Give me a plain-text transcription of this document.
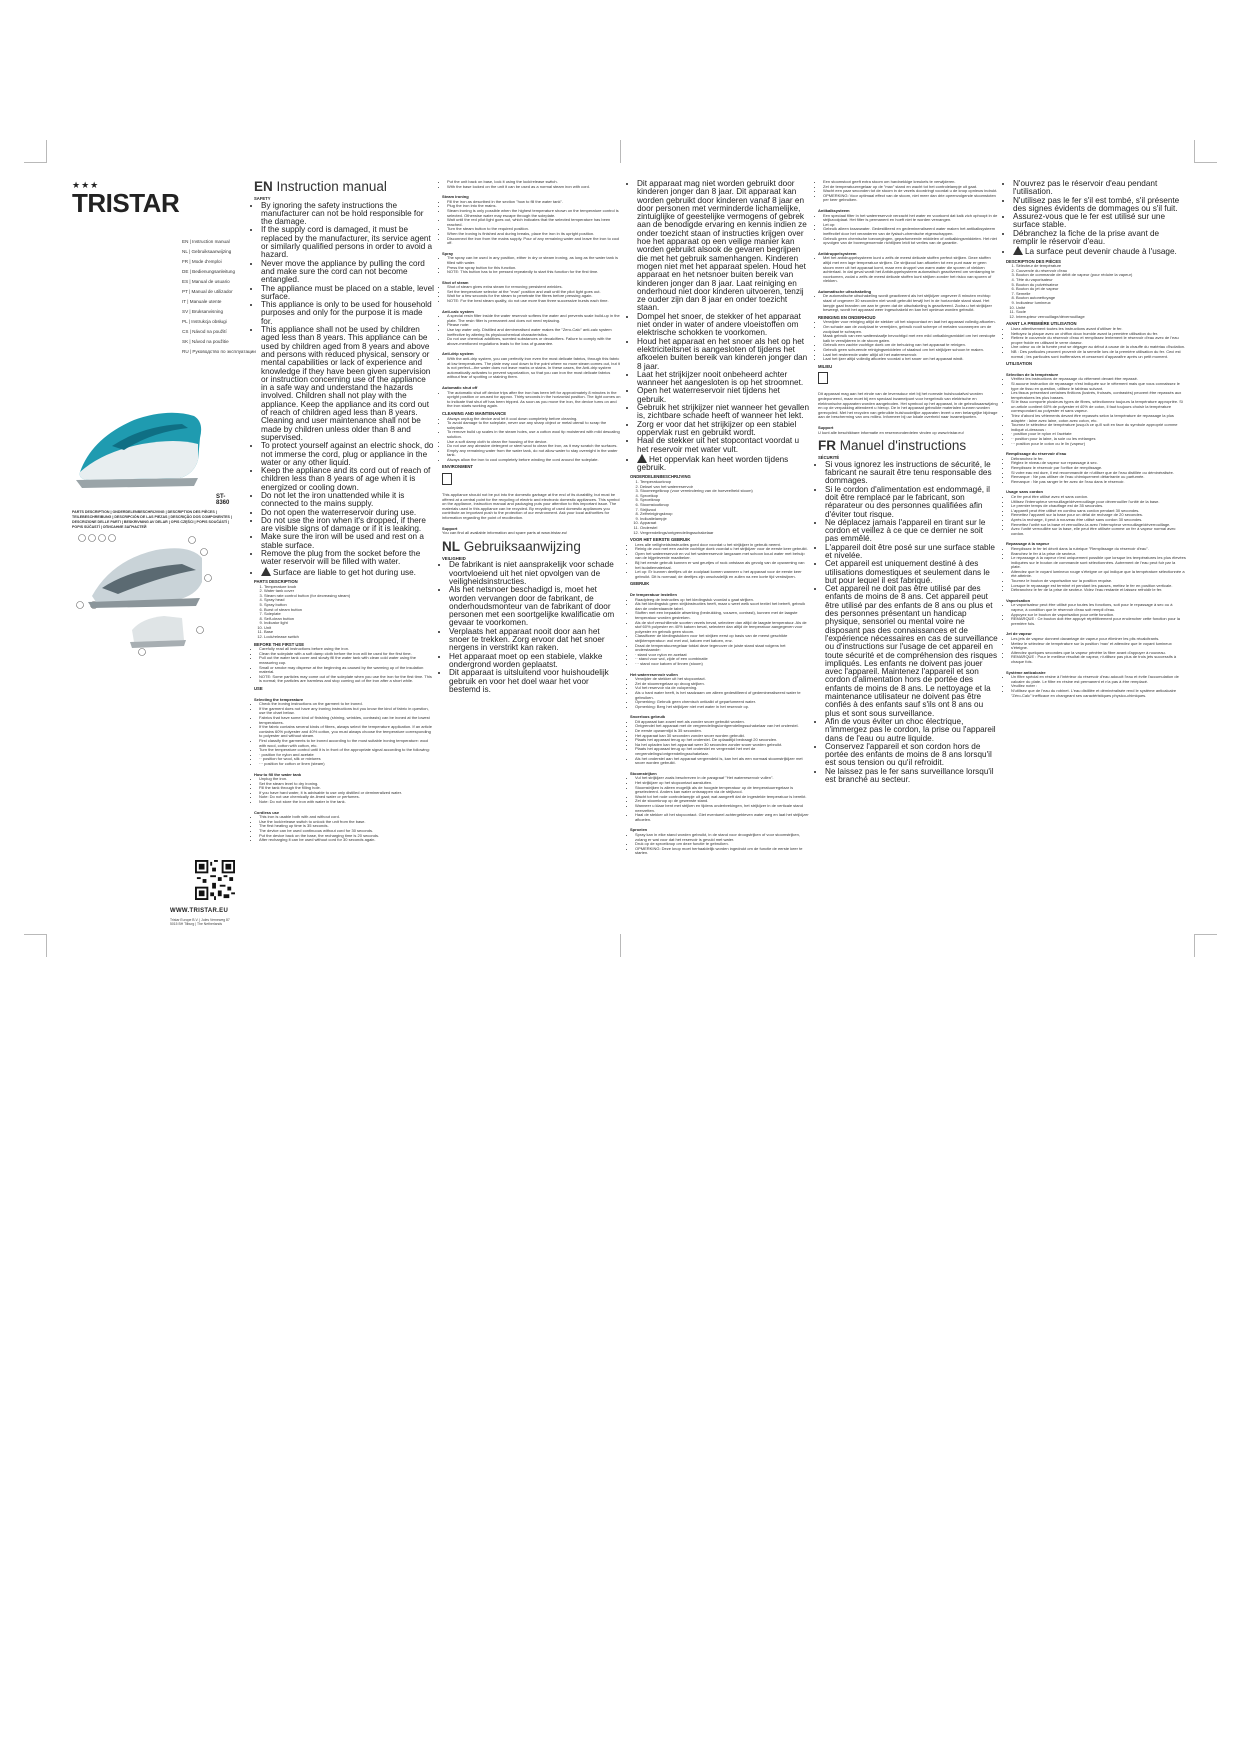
★★★
TRISTAR
EN | Instruction manual
NL | Gebruiksaanwijzing
FR | Mode d'emploi
DE | Bedienungsanleitung
ES | Manual de usuario
PT | Manual de utilizador
IT | Manuale utente
SV | Bruksanvisning
PL | Instrukcja obsługi
CS | Návod na použití
SK | Návod na použitie
RU | Руководство по эксплуатации
ST-8360
PARTS DESCRIPTION | ONDERDELENBESCHRIJVING | DESCRIPTION DES PIÈCES | TEILEBESCHREIBUNG | DESCRIPCIÓN DE LAS PIEZAS | DESCRIÇÃO DOS COMPONENTES | DESCRIZIONE DELLE PARTI | BESKRIVNING AV DELAR | OPIS CZĘŚCI | POPIS SOUČÁSTÍ | POPIS SÚČASTÍ | ОПИСАНИЕ ЗАПЧАСТЕЙ
WWW.TRISTAR.EU
Tristar Europe B.V. | Jules Verneweg 87 5015 BH Tilburg | The Netherlands
EN Instruction manual
SAFETY
• By ignoring the safety instructions the manufacturer can not be hold responsible for the damage.
• If the supply cord is damaged, it must be replaced by the manufacturer, its service agent or similarly qualified persons in order to avoid a hazard.
• Never move the appliance by pulling the cord and make sure the cord can not become entangled.
• The appliance must be placed on a stable, level surface.
• This appliance is only to be used for household purposes and only for the purpose it is made for.
• This appliance shall not be used by children aged less than 8 years. This appliance can be used by children aged from 8 years and above and persons with reduced physical, sensory or mental capabilities or lack of experience and knowledge if they have been given supervision or instruction concerning use of the appliance in a safe way and understand the hazards involved. Children shall not play with the appliance. Keep the appliance and its cord out of reach of children aged less than 8 years. Cleaning and user maintenance shall not be made by children unless older than 8 and supervised.
• To protect yourself against an electric shock, do not immerse the cord, plug or appliance in the water or any other liquid.
• Keep the appliance and its cord out of reach of children less than 8 years of age when it is energized or cooling down.
• Do not let the iron unattended while it is connected to the mains supply.
• Do not open the waterreservoir during use.
• Do not use the iron when it's dropped, if there are visible signs of damage or if it is leaking.
• Make sure the iron will be used and rest on a stable surface.
• Remove the plug from the socket before the water reservoir will be filled with water.
• Surface are liable to get hot during use.
PARTS DESCRIPTION
1. Temperature knob
2. Water tank cover
3. Steam rate control button (for decreasing steam)
4. Spray head
5. Spray button
6. Burst of steam button
7. Soleplate
8. Self-clean button
9. Indicator light
10. Unit
11. Base
12. Lock/release switch
BEFORE THE FIRST USE
• Carefully read all instructions before using the iron.
• Clean the soleplate with a soft damp cloth before the iron will be used for the first time.
• Pull out the water tank cover and slowly fill the water tank with clean cold water using the measuring cup.
• Small or smoke may disperse at the beginning as caused by the warming up of the insulation material.
• NOTE: Some particles may come out of the soleplate when you use the iron for the first time. This is normal; the particles are harmless and stop coming out of the iron after a short while.
USE
Selecting the temperature
• Check the ironing instructions on the garment to be ironed.
• If the garment does not have any ironing instructions but you know the kind of fabric in question, use the chart below.
• Fabrics that have some kind of finishing (shining, wrinkles, contrasts) can be ironed at the lowest temperatures.
• If the fabric contains several kinds of fibres, always select the temperature application. If an article contains 60% polyester and 40% cotton, you must always choose the temperature corresponding to polyester and without steam.
• First classify the garments to be ironed according to the most suitable ironing temperature: wool with wool, cotton with cotton, etc.
• Turn the temperature control until it is in front of the appropriate signal according to the following:
• · position for nylon and acetate
• ·· position for wool, silk or mixtures
• ··· position for cotton or linen (steam)
How to fill the water tank
• Unplug the iron.
• Set the steam level to dry ironing.
• Fill the tank through the filling hole.
• If you have hard water, it is advisable to use only distilled or demineralized water.
• Note: Do not use chemically de-limed water or perfumes.
• Note: Do not store the iron with water in the tank.
Cordless use
• This iron is usable both with and without cord.
• Use the lock/release switch to unlock the unit from the base.
• The first heating up time is 35 seconds.
• The device can be used continuous without cord for 30 seconds.
• Put the device back on the base, the recharging time is 20 seconds.
• After recharging it can be used without cord for 30 seconds again.
• Put the unit back on base, lock it using the lock/release switch.
• With the base locked on the unit it can be used as a normal steam iron with cord.
Steam ironing
• Fill the iron as described in the section "how to fill the water tank".
• Plug the iron into the mains.
• Steam ironing is only possible when the highest temperature shown on the temperature control is selected. Otherwise water may escape through the soleplate.
• Wait until the red pilot light goes out, which indicates that the selected temperature has been reached.
• Turn the steam button to the required position.
• When the ironing is finished and during breaks, place the iron in its upright position.
• Disconnect the iron from the mains supply. Pour of any remaining water and leave the iron to cool off.
Spray
• The spray can be used in any position, either in dry or steam ironing, as long as the water tank is filled with water.
• Press the spray button for this function.
• NOTE: This button has to be pressed repeatedly to start this function for the first time.
Shot of steam
• Shot of steam gives extra steam for removing persistent wrinkles.
• Set the temperature selector at the "max" position and wait until the pilot light goes out.
• Wait for a few seconds for the steam to penetrate the fibres before pressing again.
• NOTE: For the best steam quality, do not use more than three successive bursts each time.
Anti-calc system
• A special resin filter inside the water reservoir softens the water and prevents scale build-up in the plate. The resin filter is permanent and does not need replacing.
• Please note:
• Use tap water only. Distilled and demineralised water makes the "Zero-Calc" anti-calc system ineffective by altering its physicochemical characteristics.
• Do not use chemical additives, scented substances or decalcifiers. Failure to comply with the above-mentioned regulations leads to the loss of guarantee.
Anti-drip system
• With the anti-drip system, you can perfectly iron even the most delicate fabrics, through this fabric at low temperatures. The plate may cool down to the point where no more steam comes out, but it is not perfect—the water does not leave marks or stains. In these cases, the Anti-drip system automatically activates to prevent vaporization, so that you can iron the most delicate fabrics without fear of spotting or staining them.
Automatic shut off
• The automatic shut off device trips after the iron has been left for approximately 8 minutes in the upright position or unused for approx. Thirty seconds in the horizontal position. The light comes on to indicate that shut off has been tripped. As soon as you move the iron, the device turns on and the iron starts working again.
CLEANING AND MAINTENANCE
• Always unplug the device and let it cool down completely before cleaning.
• To avoid damage to the soleplate, never use any sharp object or metal utensil to scrap the soleplate.
• To remove build up scales in the steam holes, use a cotton wool tip moistened with mild descaling solution.
• Use a soft damp cloth to clean the housing of the device.
• Do not use any abrasive detergent or steel wool to clean the iron, as it may scratch the surfaces.
• Empty any remaining water from the water tank, do not allow water to stay overnight in the water tank.
• Always allow the iron to cool completely before winding the cord around the soleplate.
ENVIRONMENT

This appliance should not be put into the domestic garbage at the end of its durability, but must be offered at a central point for the recycling of electric and electronic domestic appliances. This symbol on the appliance, instruction manual and packaging puts your attention to this important issue. The materials used in this appliance can be recycled. By recycling of used domestic appliances you contribute an important push to the protection of our environment. Ask your local authorities for information regarding the point of recollection.

Support

You can find all available information and spare parts at www.tristar.eu!

NL Gebruiksaanwijzing
VEILIGHEID
• De fabrikant is niet aansprakelijk voor schade voortvloeiend uit het niet opvolgen van de veiligheidsinstructies.
• Als het netsnoer beschadigd is, moet het worden vervangen door de fabrikant, de onderhoudsmonteur van de fabrikant of door personen met een soortgelijke kwalificatie om gevaar te voorkomen.
• Verplaats het apparaat nooit door aan het snoer te trekken. Zorg ervoor dat het snoer nergens in verstrikt kan raken.
• Het apparaat moet op een stabiele, vlakke ondergrond worden geplaatst.
• Dit apparaat is uitsluitend voor huishoudelijk gebruik en voor het doel waar het voor bestemd is.
• Dit apparaat mag niet worden gebruikt door kinderen jonger dan 8 jaar. Dit apparaat kan worden gebruikt door kinderen vanaf 8 jaar en door personen met verminderde lichamelijke, zintuiglijke of geestelijke vermogens of gebrek aan de benodigde ervaring en kennis indien ze onder toezicht staan of instructies krijgen over hoe het apparaat op een veilige manier kan worden gebruikt alsook de gevaren begrijpen die met het gebruik samenhangen. Kinderen mogen niet met het apparaat spelen. Houd het apparaat en het netsnoer buiten bereik van kinderen jonger dan 8 jaar. Laat reiniging en onderhoud niet door kinderen uitvoeren, tenzij ze ouder zijn dan 8 jaar en onder toezicht staan.
• Dompel het snoer, de stekker of het apparaat niet onder in water of andere vloeistoffen om elektrische schokken te voorkomen.
• Houd het apparaat en het snoer als het op het elektriciteitsnet is aangesloten of tijdens het afkoelen buiten bereik van kinderen jonger dan 8 jaar.
• Laat het strijkijzer nooit onbeheerd achter wanneer het aangesloten is op het stroomnet.
• Open het waterreservoir niet tijdens het gebruik.
• Gebruik het strijkijzer niet wanneer het gevallen is, zichtbare schade heeft of wanneer het lekt.
• Zorg er voor dat het strijkijzer op een stabiel oppervlak rust en gebruikt wordt.
• Haal de stekker uit het stopcontact voordat u het reservoir met water vult.
• Het oppervlak kan heet worden tijdens gebruik.
ONDERDELENBESCHRIJVING
1. Temperatuurknop
2. Deksel van het waterreservoir
3. Stoomregelknop (voor vermindering van de hoeveelheid stoom)
4. Sproeikop
5. Sproeiknop
6. Stoomstootknop
7. Strijkzool
8. Zelfreinigingsknop
9. Indicatielampje
10. Apparaat
11. Onderstel
12. Vergrendelings/ontgrendelingsschakelaar
VOOR HET EERSTE GEBRUIK
• Lees alle veiligheidsinstructies goed door voordat u het strijkijzer in gebruik neemt.
• Reinig de zool met een zachte vochtige doek voordat u het strijkijzer voor de eerste keer gebruikt.
• Open het waterreservoir en vul het waterreservoir langzaam met schoon koud water met behulp van de bijgeleverde maatbeker.
• Bij het eerste gebruik kunnen er wat geurtjes of rook ontstaan als gevolg van de opwarming van het isolatiemateriaal.
• Let op: Er kunnen deeltjes uit de zoolplaat komen wanneer u het apparaat voor de eerste keer gebruikt. Dit is normaal; de deeltjes zijn onschadelijk en zullen na een korte tijd verdwijnen.
GEBRUIK
De temperatuur instellen
• Raadpleeg de instructies op het kledingstuk voordat u gaat strijken.
• Als het kledingstuk geen strijkinstructies heeft, maar u weet welk soort textiel het betreft, gebruik dan de onderstaande tabel.
• Stoffen met een bepaalde afwerking (bedrukking, vouwen, contrast), kunnen met de laagste temperatuur worden gestreken.
• Als de stof verschillende soorten vezels bevat, selecteer dan altijd de laagste temperatuur. Als de stof 60% polyester en 40% katoen bevat, selecteer dan altijd de temperatuur aangegeven voor polyester en gebruik geen stoom.
• Classificeer de kledingstukken voor het strijken eerst op basis van de meest geschikte strijktemperatuur: wol met wol, katoen met katoen, enz.
• Draai de temperatuurregelaar totdat deze tegenover de juiste stand staat volgens het onderstaande:
• · stand voor nylon en acetaat
• ·· stand voor wol, zijde of een combinatie
• ··· stand voor katoen of linnen (stoom)
Het waterreservoir vullen
• Verwijder de stekker uit het stopcontact.
• Zet de stoomregelaar op droog strijken.
• Vul het reservoir via de vulopening.
• Als u hard water heeft, is het raadzaam om alleen gedestilleerd of gedemineraliseerd water te gebruiken.
• Opmerking: Gebruik geen chemisch ontkalkt of geparfumeerd water.
• Opmerking: Berg het strijkijzer niet met water in het reservoir op.
Snoerloos gebruik
• Dit apparaat kan zowel met als zonder snoer gebruikt worden.
• Ontgrendel het apparaat met de vergrendelings/ontgrendelingsschakelaar van het onderstel.
• De eerste opwarmtijd is 35 seconden.
• Het apparaat kan 30 seconden zonder snoer worden gebruikt.
• Plaats het apparaat terug op het onderstel. De oplaadtijd bedraagt 20 seconden.
• Na het opladen kan het apparaat weer 30 seconden zonder snoer worden gebruikt.
• Plaats het apparaat terug op het onderstel en vergrendel het met de vergrendelings/ontgrendelingsschakelaar.
• Als het onderstel aan het apparaat vergrendeld is, kan het als een normaal stoomstrijkijzer met snoer worden gebruikt.
Stoomstrijken
• Vul het strijkijzer zoals beschreven in de paragraaf "Het waterreservoir vullen".
• Het strijkijzer op het stopcontact aansluiten.
• Stoomstrijken is alleen mogelijk als de hoogste temperatuur op de temperatuurregelaar is geselecteerd. Anders kan water ontsnappen via de strijkzool.
• Wacht tot het rode controlelampje uit gaat; wat aangeeft dat de ingestelde temperatuur is bereikt.
• Zet de stoomknop op de gewenste stand.
• Wanneer u klaar bent met strijken en tijdens onderbrekingen, het strijkijzer in de verticale stand neerzetten.
• Haal de stekker uit het stopcontact. Giet eventueel achtergebleven water weg en laat het strijkijzer afkoelen.
Sproeien
• Spray kan in elke stand worden gebruikt, in de stand voor droogstrijken of voor stoomstrijken, zolang er wat voor dat het reservoir is gevuld met water.
• Druk op de sproeiknop om deze functie te gebruiken.
• OPMERKING: Deze knop moet herhaaldelijk worden ingedrukt om de functie de eerste keer te starten.
• Een stoomstoot geeft extra stoom om hardnekkige kreukels te verwijderen.
• Zet de temperatuurregelaar op de "max" stand en wacht tot het controlelampje uit gaat.
• Wacht een paar seconden tot de stoom in de vezels doordringt voordat u de knop opnieuw indrukt.
• OPMERKING: Voor optimaal effect van de stoom, niet meer dan drie opeenvolgende stoomstoten per keer gebruiken.
Antikalksysteem
• Een speciaal filter in het waterreservoir verzacht het water en voorkomt dat kalk zich ophoopt in de strijkzoolplaat. Het filter is permanent en hoeft niet te worden vervangen.
• Let op:
• Gebruik alleen kraanwater. Gedestilleerd en gedemineraliseerd water maken het antikalksysteem ineffectief door het veranderen van de fysisch-chemische eigenschappen.
• Gebruik geen chemische toevoegingen, geparfumeerde middelen of ontkalkingsmiddelen. Het niet opvolgen van de bovengenoemde richtlijnen leidt tot verlies van de garantie.
Antidruppelsysteem
• Met het antidruppelsysteem kunt u zelfs de meest delicate stoffen perfect strijken. Deze stoffen altijd met een lage temperatuur strijken. De strijkzool kan afkoelen tot een punt waar er geen stoom meer uit het apparaat komt, maar een druppel van warm water die sporen of vlekken achterlaat. In dat geval wordt het Antidruppelsysteem automatisch geactiveerd om verdamping te voorkomen, zodat u zelfs de meest delicate stoffen kunt strijken zonder het risico van sporen of vlekken.
Automatische uitschakeling
• De automatische uitschakeling wordt geactiveerd als het strijkijzer ongeveer 8 minuten rechtop staat of ongeveer 30 seconden niet wordt gebruikt terwijl het in de horizontale stand staat. Het lampje gaat branden om aan te geven dat de uitschakeling is geactiveerd. Zodra u het strijkijzer beweegt, wordt het apparaat weer ingeschakeld en kan het opnieuw worden gebruikt.
REINIGING EN ONDERHOUD
• Verwijder voor reiniging altijd de stekker uit het stopcontact en laat het apparaat volledig afkoelen.
• Om schade aan de zoolplaat te vermijden, gebruik nooit scherpe of metalen voorwerpen om de zoolplaat te schrapen.
• Maak gebruik van een wattenstaafje bevochtigd met een mild ontkalkingsmiddel om het verstopte kalk te verwijderen in de stoom gaten.
• Gebruik een zachte vochtige doek om de behuizing van het apparaat te reinigen.
• Gebruik geen schurende reinigingsmiddelen of staalwol om het strijkijzer schoon te maken.
• Laat het resterende water altijd uit het waterreservoir.
• Laat het ijzer altijd volledig afkoelen voordat u het snoer om het apparaat windt.
MILIEU

Dit apparaat mag aan het einde van de levensduur niet bij het normale huishoudafval worden gedeponeerd, maar moet bij een speciaal inzamelpunt voor hergebruik van elektrische en elektronische apparaten worden aangeboden. Het symbool op het apparaat, in de gebruiksaanwijzing en op de verpakking attendeert u hierop. De in het apparaat gebruikte materialen kunnen worden gerecycled. Met het recyclen van gebruikte huishoudelijke apparaten levert u een belangrijke bijdrage aan de bescherming van ons milieu. Informeer bij uw lokale overheid naar inzamelpunten.

Support

U kunt alle beschikbare informatie en reserveonderdelen vinden op www.tristar.eu!

FR Manuel d'instructions
SÉCURITÉ
• Si vous ignorez les instructions de sécurité, le fabricant ne saurait être tenu responsable des dommages.
• Si le cordon d'alimentation est endommagé, il doit être remplacé par le fabricant, son réparateur ou des personnes qualifiées afin d'éviter tout risque.
• Ne déplacez jamais l'appareil en tirant sur le cordon et veillez à ce que ce dernier ne soit pas emmêlé.
• L'appareil doit être posé sur une surface stable et nivelée.
• Cet appareil est uniquement destiné à des utilisations domestiques et seulement dans le but pour lequel il est fabriqué.
• Cet appareil ne doit pas être utilisé par des enfants de moins de 8 ans. Cet appareil peut être utilisé par des enfants de 8 ans ou plus et des personnes présentant un handicap physique, sensoriel ou mental voire ne disposant pas des connaissances et de l'expérience nécessaires en cas de surveillance ou d'instructions sur l'usage de cet appareil en toute sécurité et de compréhension des risques impliqués. Les enfants ne doivent pas jouer avec l'appareil. Maintenez l'appareil et son cordon d'alimentation hors de portée des enfants de moins de 8 ans. Le nettoyage et la maintenance utilisateur ne doivent pas être confiés à des enfants sauf s'ils ont 8 ans ou plus et sont sous surveillance.
• Afin de vous éviter un choc électrique, n'immergez pas le cordon, la prise ou l'appareil dans de l'eau ou autre liquide.
• Conservez l'appareil et son cordon hors de portée des enfants de moins de 8 ans lorsqu'il est sous tension ou qu'il refroidit.
• Ne laissez pas le fer sans surveillance lorsqu'il est branché au secteur.
• N'ouvrez pas le réservoir d'eau pendant l'utilisation.
• N'utilisez pas le fer s'il est tombé, s'il présente des signes évidents de dommages ou s'il fuit.
• Assurez-vous que le fer est utilisé sur une surface stable.
• Débranchez la fiche de la prise avant de remplir le réservoir d'eau.
• La surface peut devenir chaude à l'usage.
DESCRIPTION DES PIÈCES
1. Sélecteur de température
2. Couvercle du réservoir d'eau
3. Bouton de commande de débit de vapeur (pour réduire la vapeur)
4. Tête du vaporisateur
5. Bouton du pulvérisateur
6. Bouton du jet de vapeur
7. Semelle
8. Bouton autonettoyage
9. Indicateur lumineux
10. Unité
11. Socle
12. Interrupteur verrouillage/déverrouillage
AVANT LA PREMIÈRE UTILISATION
• Lisez attentivement toutes les instructions avant d'utiliser le fer.
• Nettoyez la plaque avec un chiffon doux humide avant la première utilisation du fer.
• Retirez le couvercle du réservoir d'eau et remplissez lentement le réservoir d'eau avec de l'eau propre froide en utilisant le verre doseur.
• Une odeur ou de la fumée peut se dégager au début à cause de la chauffe du matériau d'isolation.
• NB : Des particules peuvent provenir de la semelle lors de la première utilisation du fer. Ceci est normal ; les particules sont inoffensives et cesseront d'apparaître après un petit moment.
UTILISATION
Sélection de la température
• Vérifiez les instructions de repassage du vêtement devant être repassé.
• Si aucune instruction de repassage n'est indiquée sur le vêtement mais que vous connaissez le type de tissu en question, utilisez le tableau suivant.
• Les tissus présentant certaines finitions (lustrés, froissés, contrastés) peuvent être repassés aux températures les plus basses.
• Si le tissu comporte plusieurs types de fibres, sélectionnez toujours la température appropriée. Si un article contient 60% de polyester et 40% de coton, il faut toujours choisir la température correspondant au polyester et sans vapeur.
• Triez d'abord les vêtements devant être repassés selon la température de repassage la plus adaptée : laine avec laine, coton avec coton, etc.
• Tournez le sélecteur de température jusqu'à ce qu'il soit en face du symbole approprié comme indiqué ci-dessous :
• · position pour le nylon et l'acétate
• ·· position pour la laine, la soie ou les mélanges
• ··· position pour le coton ou le lin (vapeur)
Remplissage du réservoir d'eau
• Débranchez le fer.
• Réglez le niveau de vapeur sur repassage à sec.
• Remplissez le réservoir par l'orifice de remplissage.
• Si votre eau est dure, il est recommandé de n'utiliser que de l'eau distillée ou déminéralisée.
• Remarque : Ne pas utiliser de l'eau chimiquement détartrante ou parfumée.
• Remarque : Ne pas ranger le fer avec de l'eau dans le réservoir.
Usage sans cordon
• Ce fer peut être utilisé avec et sans cordon.
• Utilisez l'interrupteur verrouillage/déverrouillage pour déverrouiller l'unité de la base.
• Le premier temps de chauffage est de 35 secondes.
• L'appareil peut être utilisé en continu sans cordon pendant 30 secondes.
• Remettez l'appareil sur la base pour un délai de recharge de 20 secondes.
• Après la recharge, il peut à nouveau être utilisé sans cordon 30 secondes.
• Remettez l'unité sur la base et verrouillez-la avec l'interrupteur verrouillage/déverrouillage.
• Avec l'unité verrouillée sur la base, elle peut être utilisée comme un fer à vapeur normal avec cordon.
Repassage à la vapeur
• Remplissez le fer tel décrit dans la rubrique "Remplissage du réservoir d'eau".
• Branchez le fer à la prise de secteur.
• Le repassage à la vapeur n'est uniquement possible que lorsque les températures les plus élevées indiquées sur le bouton de commande sont sélectionnées. Autrement de l'eau peut fuir par la plate.
• Attendez que le voyant lumineux rouge s'éteigne ce qui indique que la température sélectionnée a été atteinte.
• Tournez le bouton de vaporisation sur la position requise.
• Lorsque le repassage est terminé et pendant les pauses, mettez le fer en position verticale.
• Débranchez le fer de la prise de secteur. Videz l'eau restante et laissez refroidir le fer.
Vaporisation
• Le vaporisateur peut être utilisé pour toutes les fonctions, soit pour le repassage à sec ou à vapeur, à condition que le réservoir d'eau soit rempli d'eau.
• Appuyez sur le bouton de vaporisation pour cette fonction.
• REMARQUE : Ce bouton doit être appuyé répétitivement pour enclencher cette fonction pour la première fois.
Jet de vapeur
• Les jets de vapeur donnent davantage de vapeur pour éliminer les plis récalcitrants.
• Mettez le sélecteur de température sur la position 'max' et attendez que le voyant lumineux s'éteigne.
• Attendez quelques secondes que la vapeur pénètre la fibre avant d'appuyer à nouveau.
• REMARQUE : Pour le meilleur résultat de vapeur, n'utilisez pas plus de trois jets successifs à chaque fois.
Système anticalcaire
• Un filtre spécial en résine à l'intérieur du réservoir d'eau adoucit l'eau et évite l'accumulation de calcaire du plate. Le filtre en résine est permanent et n'a pas à être remplacé.
• Veuillez noter :
• N'utilisez que de l'eau du robinet. L'eau distillée et déminéralisée rend le système anticalcaire "Zéro-Calc" inefficace en changeant ses caractéristiques physico-chimiques.
